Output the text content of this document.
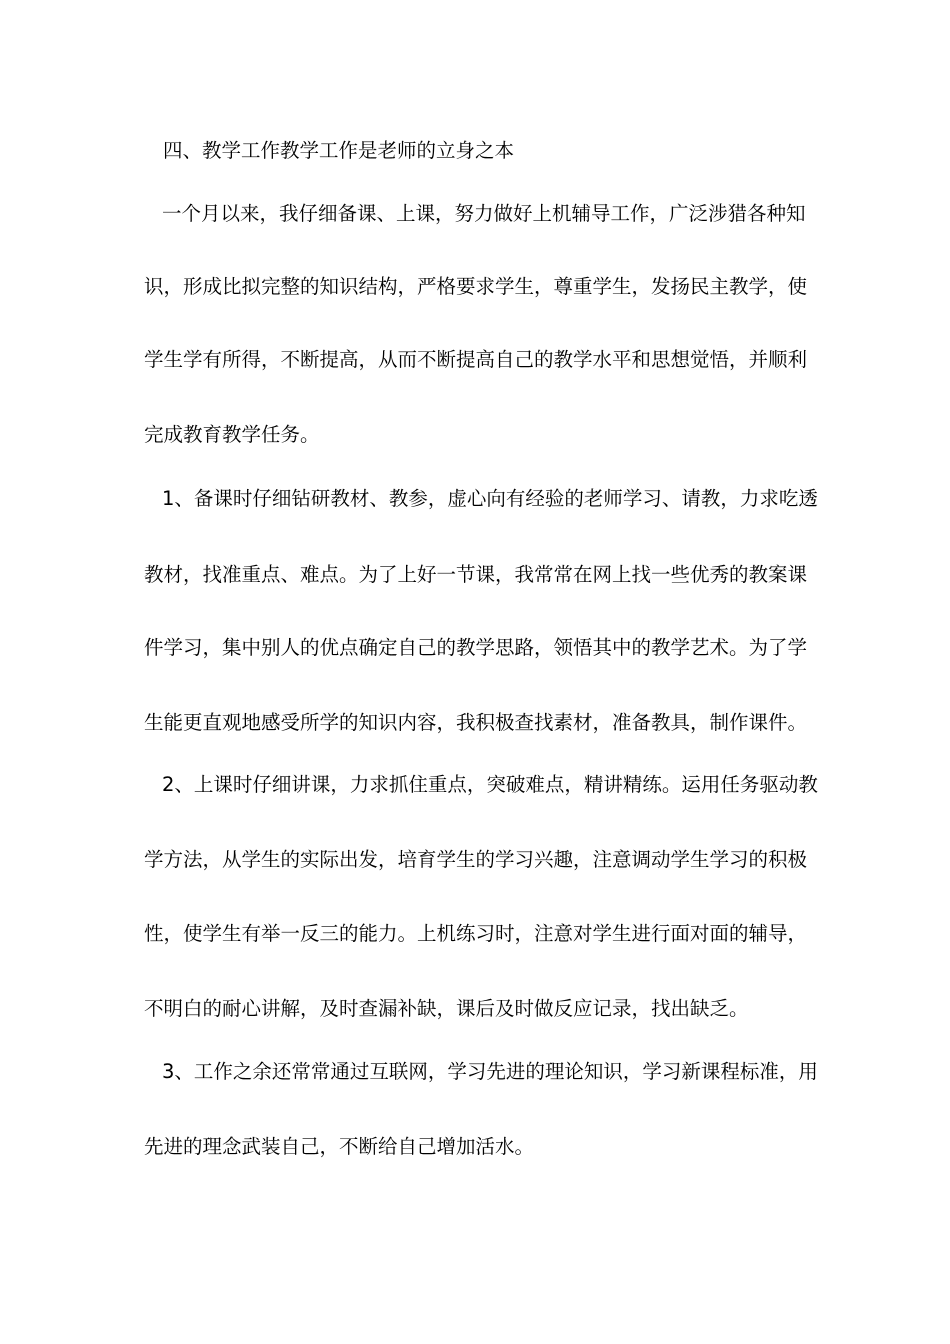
四、教学工作教学工作是老师的立身之本
一个月以来，我仔细备课、上课，努力做好上机辅导工作，广泛涉猎各种知
识，形成比拟完整的知识结构，严格要求学生，尊重学生，发扬民主教学，使
学生学有所得，不断提高，从而不断提高自己的教学水平和思想觉悟，并顺利
完成教育教学任务。
1、备课时仔细钻研教材、教参，虚心向有经验的老师学习、请教，力求吃透
教材，找准重点、难点。为了上好一节课，我常常在网上找一些优秀的教案课
件学习，集中别人的优点确定自己的教学思路，领悟其中的教学艺术。为了学
生能更直观地感受所学的知识内容，我积极查找素材，准备教具，制作课件。
2、上课时仔细讲课，力求抓住重点，突破难点，精讲精练。运用任务驱动教
学方法，从学生的实际出发，培育学生的学习兴趣，注意调动学生学习的积极
性，使学生有举一反三的能力。上机练习时，注意对学生进行面对面的辅导，
不明白的耐心讲解，及时查漏补缺，课后及时做反应记录，找出缺乏。
3、工作之余还常常通过互联网，学习先进的理论知识，学习新课程标准，用
先进的理念武装自己，不断给自己增加活水。
